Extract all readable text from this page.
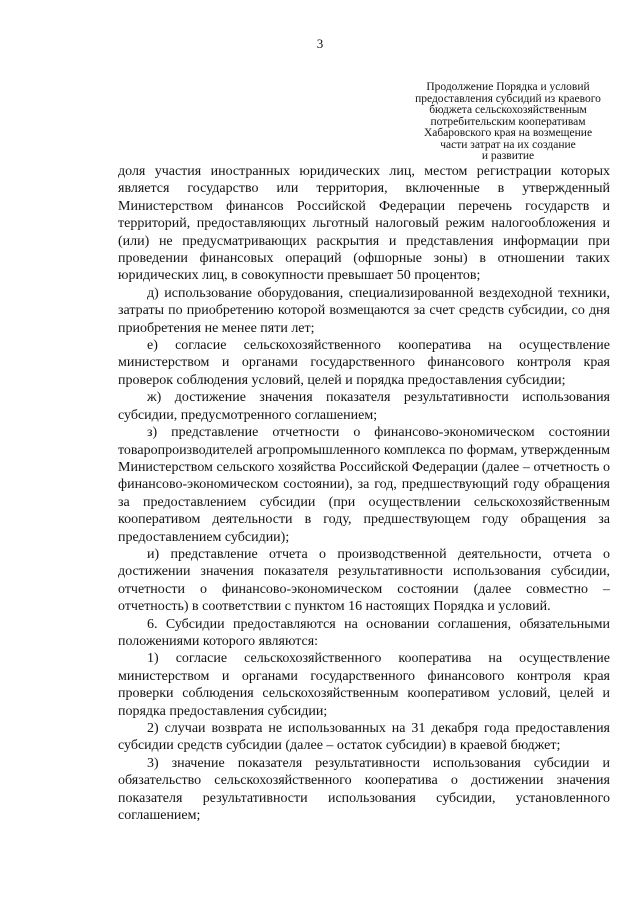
3
Продолжение Порядка и условий
предоставления субсидий из краевого
бюджета сельскохозяйственным
потребительским кооперативам
Хабаровского края на возмещение
части затрат на их создание
и развитие

доля участия иностранных юридических лиц, местом регистрации которых является государство или территория, включенные в утвержденный Министерством финансов Российской Федерации перечень государств и территорий, предоставляющих льготный налоговый режим налогообложения и (или) не предусматривающих раскрытия и представления информации при проведении финансовых операций (офшорные зоны) в отношении таких юридических лиц, в совокупности превышает 50 процентов;

д) использование оборудования, специализированной вездеходной техники, затраты по приобретению которой возмещаются за счет средств субсидии, со дня приобретения не менее пяти лет;

е) согласие сельскохозяйственного кооператива на осуществление министерством и органами государственного финансового контроля края проверок соблюдения условий, целей и порядка предоставления субсидии;

ж) достижение значения показателя результативности использования субсидии, предусмотренного соглашением;

з) представление отчетности о финансово-экономическом состоянии товаропроизводителей агропромышленного комплекса по формам, утвержденным Министерством сельского хозяйства Российской Федерации (далее – отчетность о финансово-экономическом состоянии), за год, предшествующий году обращения за предоставлением субсидии (при осуществлении сельскохозяйственным кооперативом деятельности в году, предшествующем году обращения за предоставлением субсидии);

и) представление отчета о производственной деятельности, отчета о достижении значения показателя результативности использования субсидии, отчетности о финансово-экономическом состоянии (далее совместно – отчетность) в соответствии с пунктом 16 настоящих Порядка и условий.

6. Субсидии предоставляются на основании соглашения, обязательными положениями которого являются:

1) согласие сельскохозяйственного кооператива на осуществление министерством и органами государственного финансового контроля края проверки соблюдения сельскохозяйственным кооперативом условий, целей и порядка предоставления субсидии;

2) случаи возврата не использованных на 31 декабря года предоставления субсидии средств субсидии (далее – остаток субсидии) в краевой бюджет;

3) значение показателя результативности использования субсидии и обязательство сельскохозяйственного кооператива о достижении значения показателя результативности использования субсидии, установленного соглашением;
